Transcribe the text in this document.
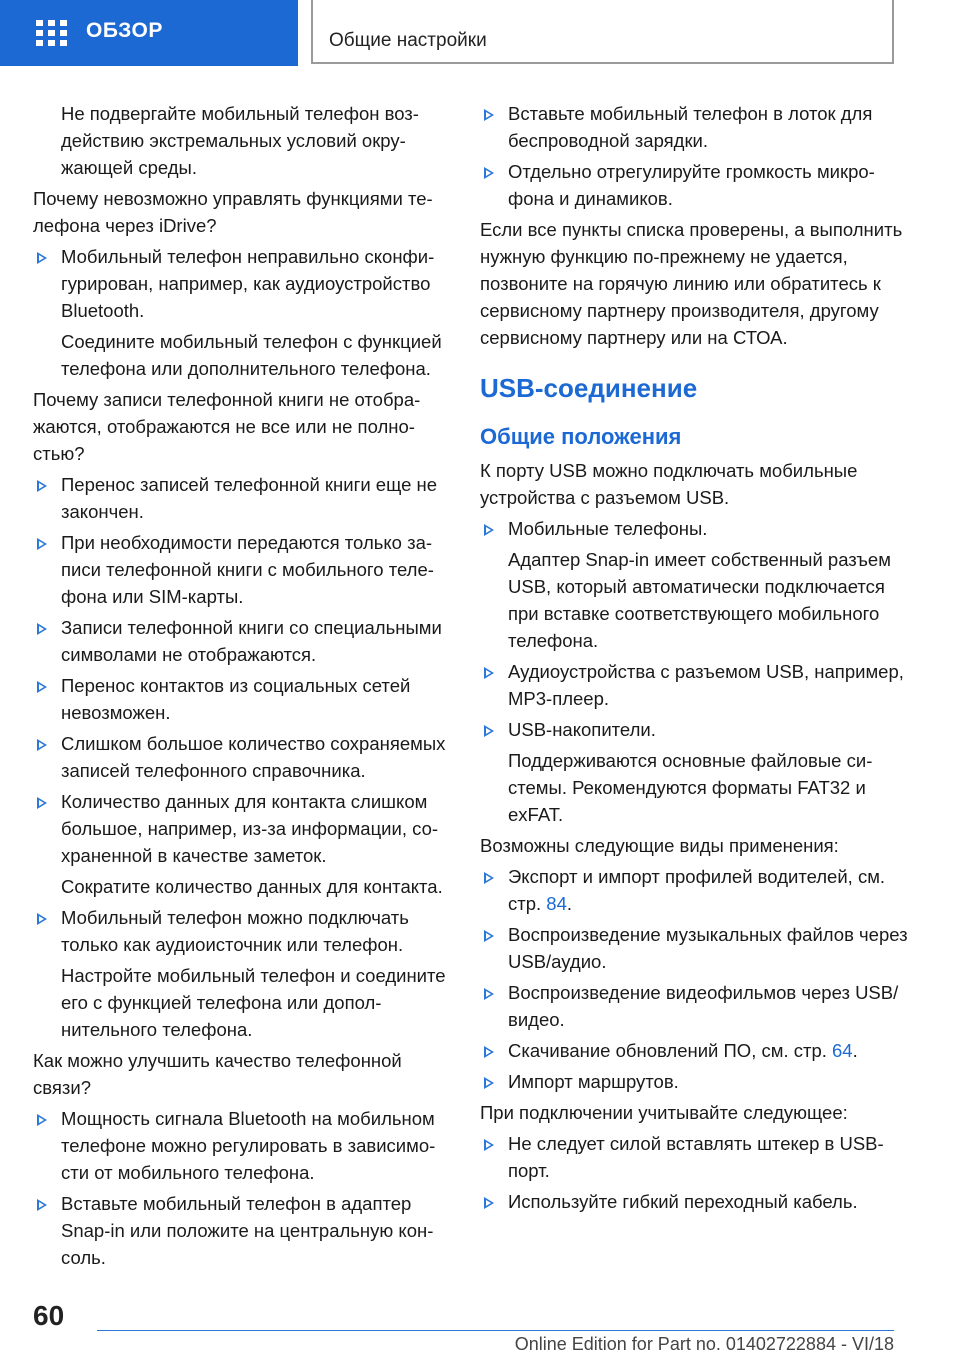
ОБЗОР	Общие настройки
Не подвергайте мобильный телефон воздействию экстремальных условий окружающей среды.

Почему невозможно управлять функциями телефона через iDrive?

Мобильный телефон неправильно сконфигурирован, например, как аудиоустройство Bluetooth.
Соедините мобильный телефон с функцией телефона или дополнительного телефона.

Почему записи телефонной книги не отображаются, отображаются не все или не полностью?

Перенос записей телефонной книги еще не закончен.
При необходимости передаются только записи телефонной книги с мобильного телефона или SIM-карты.
Записи телефонной книги со специальными символами не отображаются.
Перенос контактов из социальных сетей невозможен.
Слишком большое количество сохраняемых записей телефонного справочника.
Количество данных для контакта слишком большое, например, из-за информации, сохраненной в качестве заметок.
Сократите количество данных для контакта.
Мобильный телефон можно подключать только как аудиоисточник или телефон.
Настройте мобильный телефон и соедините его с функцией телефона или дополнительного телефона.

Как можно улучшить качество телефонной связи?

Мощность сигнала Bluetooth на мобильном телефоне можно регулировать в зависимости от мобильного телефона.
Вставьте мобильный телефон в адаптер Snap-in или положите на центральную консоль.
Вставьте мобильный телефон в лоток для беспроводной зарядки.
Отдельно отрегулируйте громкость микрофона и динамиков.

Если все пункты списка проверены, а выполнить нужную функцию по-прежнему не удается, позвоните на горячую линию или обратитесь к сервисному партнеру производителя, другому сервисному партнеру или на СТОА.

USB-соединение
Общие положения

К порту USB можно подключать мобильные устройства с разъемом USB.

Мобильные телефоны.
Адаптер Snap-in имеет собственный разъем USB, который автоматически подключается при вставке соответствующего мобильного телефона.
Аудиоустройства с разъемом USB, например, MP3-плеер.
USB-накопители.
Поддерживаются основные файловые системы. Рекомендуются форматы FAT32 и exFAT.

Возможны следующие виды применения:

Экспорт и импорт профилей водителей, см. стр. 84.
Воспроизведение музыкальных файлов через USB/аудио.
Воспроизведение видеофильмов через USB/видео.
Скачивание обновлений ПО, см. стр. 64.
Импорт маршрутов.

При подключении учитывайте следующее:

Не следует силой вставлять штекер в USB-порт.
Используйте гибкий переходный кабель.
60
Online Edition for Part no. 01402722884 - VI/18
